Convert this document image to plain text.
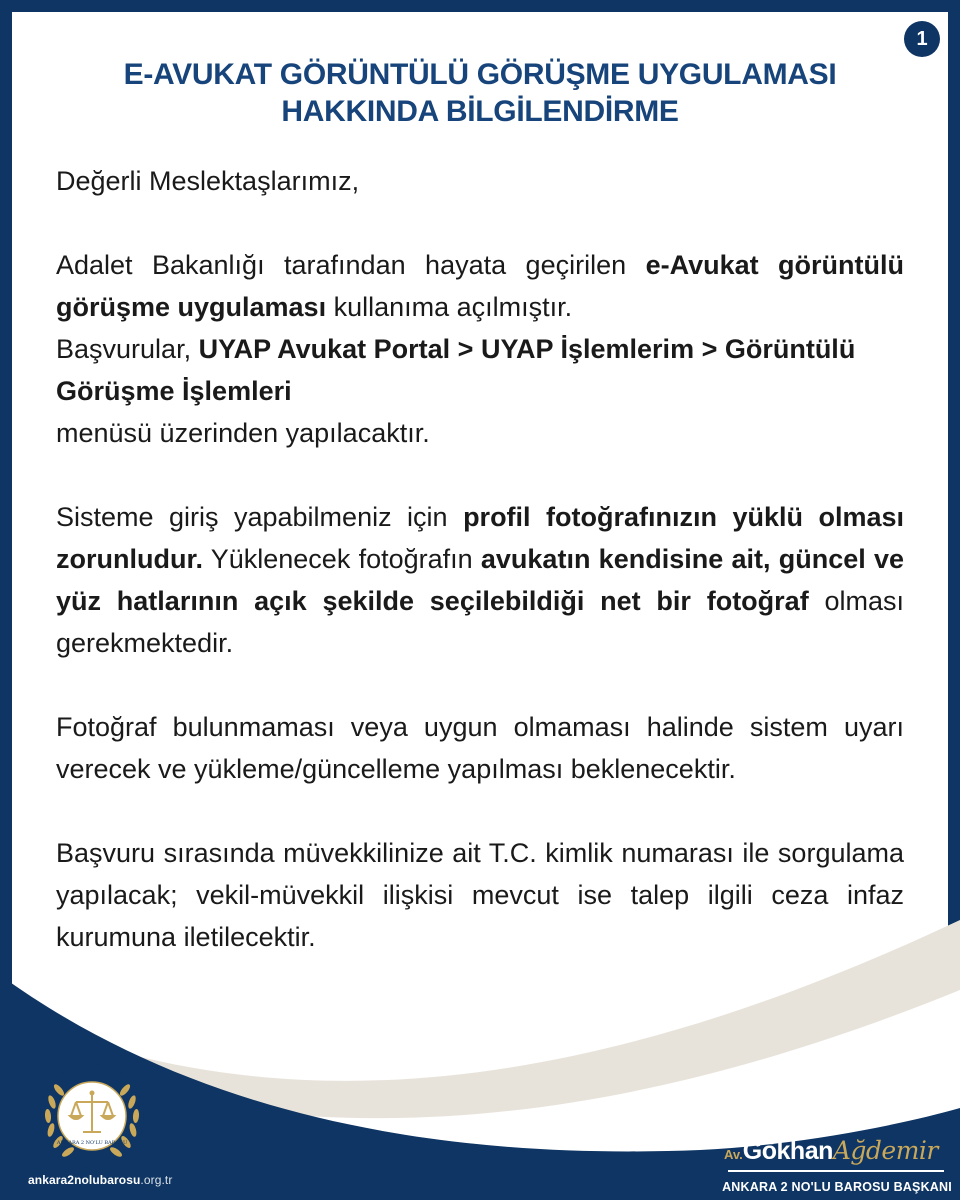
1
E-AVUKAT GÖRÜNTÜLÜ GÖRÜŞME UYGULAMASI
HAKKINDA BİLGİLENDİRME

Değerli Meslektaşlarımız,

Adalet Bakanlığı tarafından hayata geçirilen e-Avukat görüntülü görüşme uygulaması kullanıma açılmıştır.

Başvurular, UYAP Avukat Portal > UYAP İşlemlerim > Görüntülü Görüşme İşlemleri

menüsü üzerinden yapılacaktır.

Sisteme giriş yapabilmeniz için profil fotoğrafınızın yüklü olması zorunludur. Yüklenecek fotoğrafın avukatın kendisine ait, güncel ve yüz hatlarının açık şekilde seçilebildiği net bir fotoğraf olması gerekmektedir.

Fotoğraf bulunmaması veya uygun olmaması halinde sistem uyarı verecek ve yükleme/güncelleme yapılması beklenecektir.

Başvuru sırasında müvekkilinize ait T.C. kimlik numarası ile sorgulama yapılacak; vekil-müvekkil ilişkisi mevcut ise talep ilgili ceza infaz kurumuna iletilecektir.

ANKARA 2 NO'LU BAROSU
ankara2nolubarosu.org.tr
Av.GökhanAğdemir
ANKARA 2 NO'LU BAROSU BAŞKANI
